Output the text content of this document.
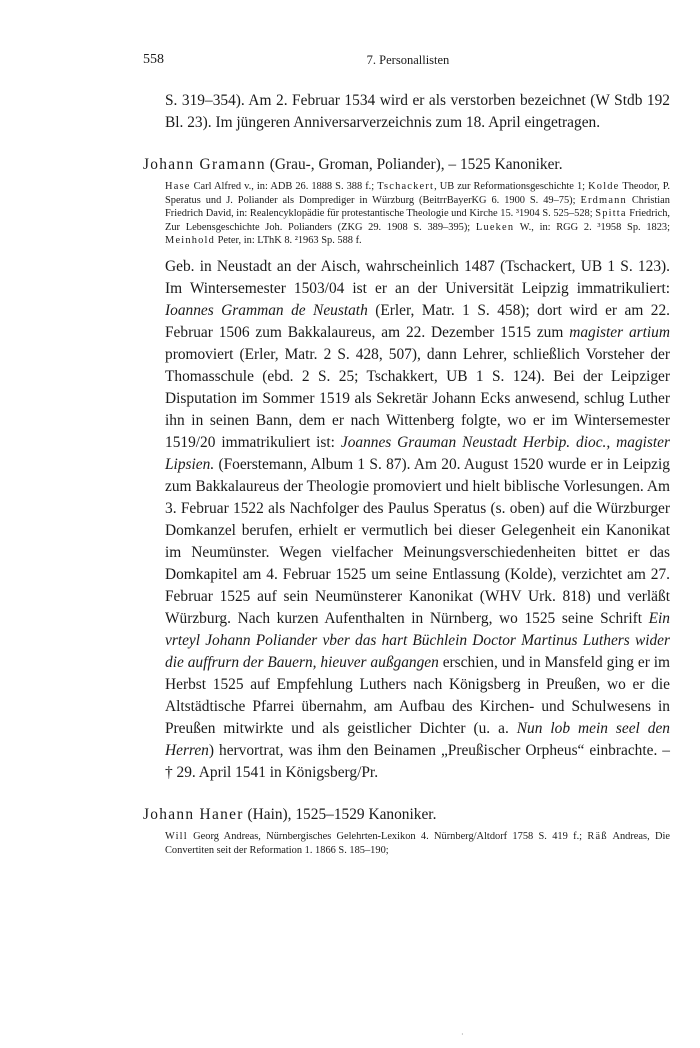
558	7. Personallisten

S. 319–354). Am 2. Februar 1534 wird er als verstorben bezeichnet (W Stdb 192 Bl. 23). Im jüngeren Anniversarverzeichnis zum 18. April eingetragen.

Johann Gramann (Grau-, Groman, Poliander), – 1525 Kanoniker.

Hase Carl Alfred v., in: ADB 26. 1888 S. 388 f.; Tschackert, UB zur Reformationsgeschichte 1; Kolde Theodor, P. Speratus und J. Poliander als Domprediger in Würzburg (BeitrrBayerKG 6. 1900 S. 49–75); Erdmann Christian Friedrich David, in: Realencyklopädie für protestantische Theologie und Kirche 15. ³1904 S. 525–528; Spitta Friedrich, Zur Lebensgeschichte Joh. Polianders (ZKG 29. 1908 S. 389–395); Lueken W., in: RGG 2. ³1958 Sp. 1823; Meinhold Peter, in: LThK 8. ²1963 Sp. 588 f.

Geb. in Neustadt an der Aisch, wahrscheinlich 1487 (Tschackert, UB 1 S. 123). Im Wintersemester 1503/04 ist er an der Universität Leipzig immatrikuliert: Ioannes Gramman de Neustath (Erler, Matr. 1 S. 458); dort wird er am 22. Februar 1506 zum Bakkalaureus, am 22. Dezember 1515 zum magister artium promoviert (Erler, Matr. 2 S. 428, 507), dann Lehrer, schließlich Vorsteher der Thomasschule (ebd. 2 S. 25; Tschakkert, UB 1 S. 124). Bei der Leipziger Disputation im Sommer 1519 als Sekretär Johann Ecks anwesend, schlug Luther ihn in seinen Bann, dem er nach Wittenberg folgte, wo er im Wintersemester 1519/20 immatrikuliert ist: Joannes Grauman Neustadt Herbip. dioc., magister Lipsien. (Foerstemann, Album 1 S. 87). Am 20. August 1520 wurde er in Leipzig zum Bakkalaureus der Theologie promoviert und hielt biblische Vorlesungen. Am 3. Februar 1522 als Nachfolger des Paulus Speratus (s. oben) auf die Würzburger Domkanzel berufen, erhielt er vermutlich bei dieser Gelegenheit ein Kanonikat im Neumünster. Wegen vielfacher Meinungsverschiedenheiten bittet er das Domkapitel am 4. Februar 1525 um seine Entlassung (Kolde), verzichtet am 27. Februar 1525 auf sein Neumünsterer Kanonikat (WHV Urk. 818) und verläßt Würzburg. Nach kurzen Aufenthalten in Nürnberg, wo 1525 seine Schrift Ein vrteyl Johann Poliander vber das hart Büchlein Doctor Martinus Luthers wider die auffrurn der Bauern, hieuver außgangen erschien, und in Mansfeld ging er im Herbst 1525 auf Empfehlung Luthers nach Königsberg in Preußen, wo er die Altstädtische Pfarrei übernahm, am Aufbau des Kirchen- und Schulwesens in Preußen mitwirkte und als geistlicher Dichter (u. a. Nun lob mein seel den Herren) hervortrat, was ihm den Beinamen „Preußischer Orpheus“ einbrachte. – † 29. April 1541 in Königsberg/Pr.

Johann Haner (Hain), 1525–1529 Kanoniker.

Will Georg Andreas, Nürnbergisches Gelehrten-Lexikon 4. Nürnberg/Altdorf 1758 S. 419 f.; Räß Andreas, Die Convertiten seit der Reformation 1. 1866 S. 185–190;

·
